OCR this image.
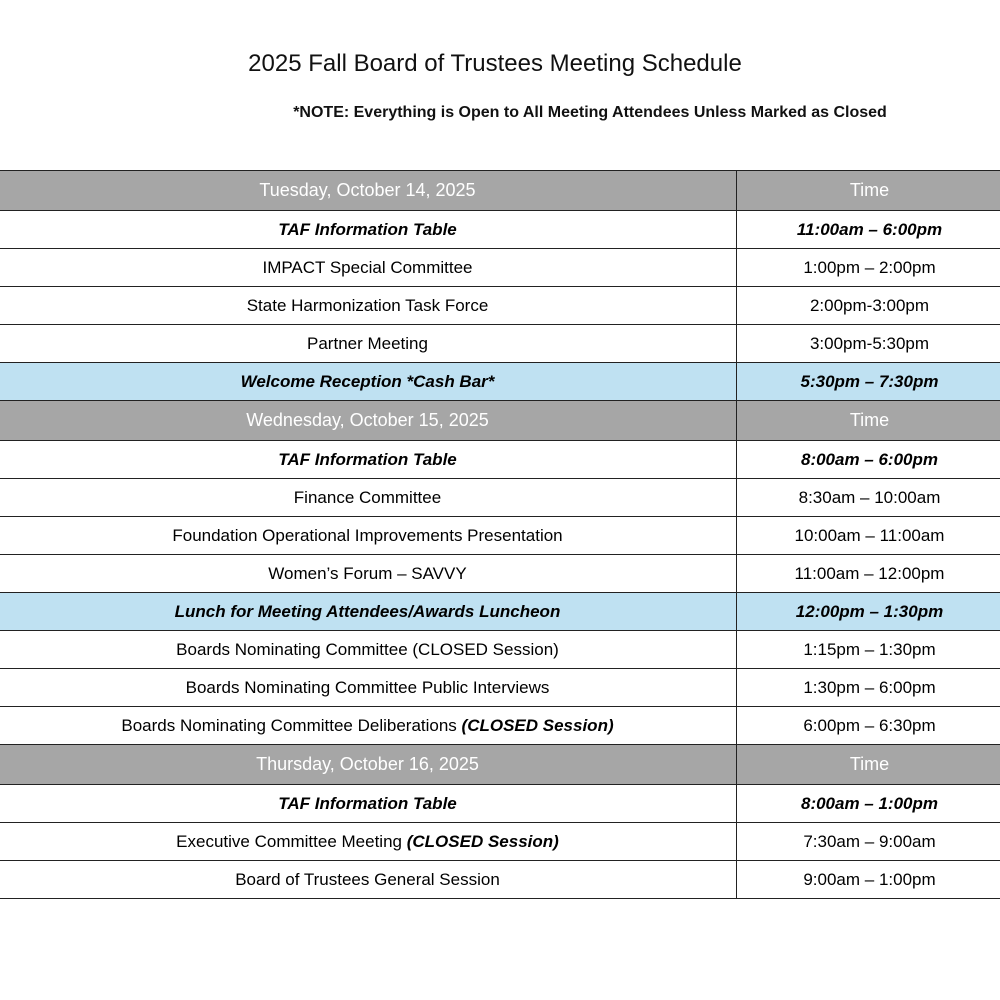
2025 Fall Board of Trustees Meeting Schedule
*NOTE: Everything is Open to All Meeting Attendees Unless Marked as Closed
Tuesday, October 14, 2025	Time
TAF Information Table	11:00am – 6:00pm
IMPACT Special Committee	1:00pm – 2:00pm
State Harmonization Task Force	2:00pm-3:00pm
Partner Meeting	3:00pm-5:30pm
Welcome Reception *Cash Bar*	5:30pm – 7:30pm
Wednesday, October 15, 2025	Time
TAF Information Table	8:00am – 6:00pm
Finance Committee	8:30am – 10:00am
Foundation Operational Improvements Presentation	10:00am – 11:00am
Women’s Forum – SAVVY	11:00am – 12:00pm
Lunch for Meeting Attendees/Awards Luncheon	12:00pm – 1:30pm
Boards Nominating Committee (CLOSED Session)	1:15pm – 1:30pm
Boards Nominating Committee Public Interviews	1:30pm – 6:00pm
Boards Nominating Committee Deliberations (CLOSED Session)	6:00pm – 6:30pm
Thursday, October 16, 2025	Time
TAF Information Table	8:00am – 1:00pm
Executive Committee Meeting (CLOSED Session)	7:30am – 9:00am
Board of Trustees General Session	9:00am – 1:00pm
